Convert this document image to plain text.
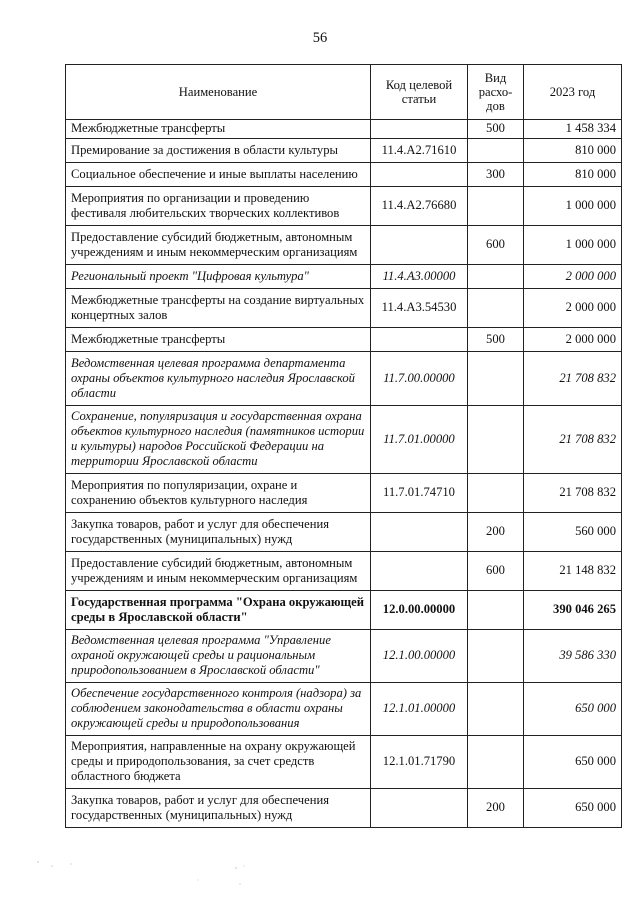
56
Наименование	Код целевой статьи	Вид расхо-дов	2023 год
Межбюджетные трансферты		500	1 458 334
Премирование за достижения в области культуры	11.4.А2.71610		810 000
Социальное обеспечение и иные выплаты населению		300	810 000
Мероприятия по организации и проведению фестиваля любительских творческих коллективов	11.4.А2.76680		1 000 000
Предоставление субсидий бюджетным, автономным учреждениям и иным некоммерческим организациям		600	1 000 000
Региональный проект "Цифровая культура"	11.4.А3.00000		2 000 000
Межбюджетные трансферты на создание виртуальных концертных залов	11.4.А3.54530		2 000 000
Межбюджетные трансферты		500	2 000 000
Ведомственная целевая программа департамента охраны объектов культурного наследия Ярославской области	11.7.00.00000		21 708 832
Сохранение, популяризация и государственная охрана объектов культурного наследия (памятников истории и культуры) народов Российской Федерации на территории Ярославской области	11.7.01.00000		21 708 832
Мероприятия по популяризации, охране и сохранению объектов культурного наследия	11.7.01.74710		21 708 832
Закупка товаров, работ и услуг для обеспечения государственных (муниципальных) нужд		200	560 000
Предоставление субсидий бюджетным, автономным учреждениям и иным некоммерческим организациям		600	21 148 832
Государственная программа "Охрана окружающей среды в Ярославской области"	12.0.00.00000		390 046 265
Ведомственная целевая программа "Управление охраной окружающей среды и рациональным природопользованием в Ярославской области"	12.1.00.00000		39 586 330
Обеспечение государственного контроля (надзора) за соблюдением законодательства в области охраны окружающей среды и природопользования	12.1.01.00000		650 000
Мероприятия, направленные на охрану окружающей среды и природопользования, за счет средств областного бюджета	12.1.01.71790		650 000
Закупка товаров, работ и услуг для обеспечения государственных (муниципальных) нужд		200	650 000
